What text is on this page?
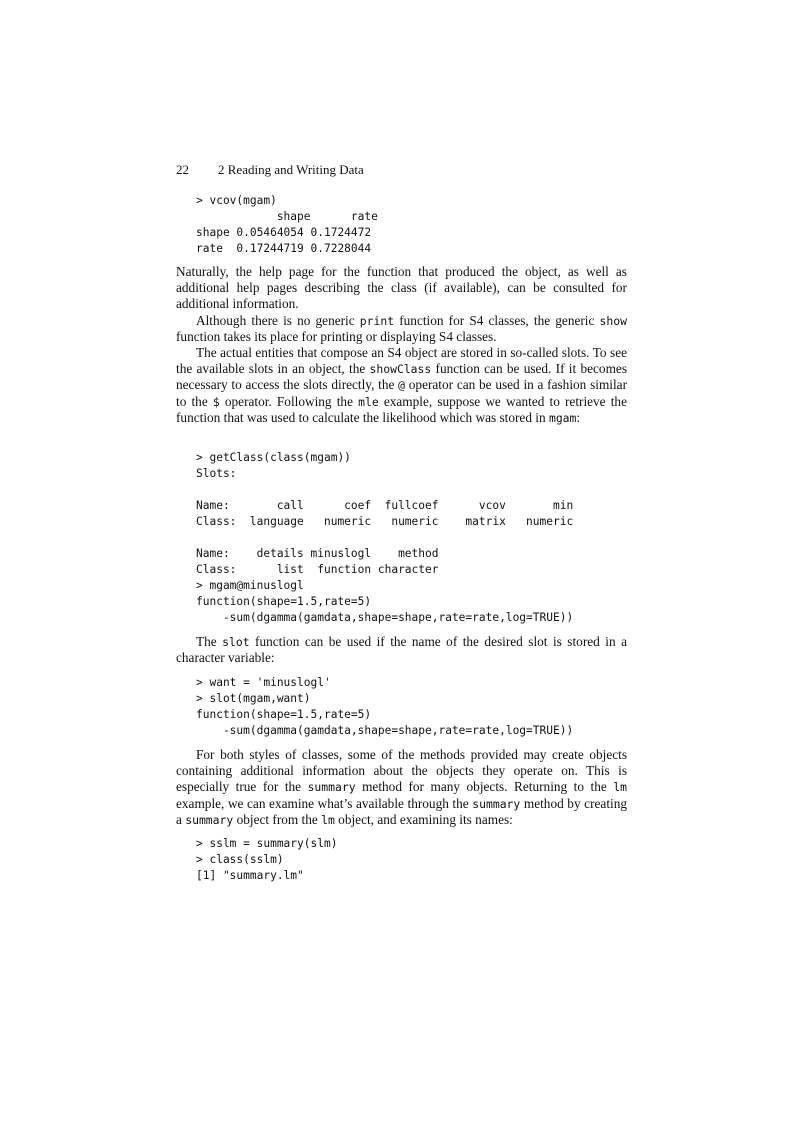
22 2 Reading and Writing Data
> vcov(mgam)
shape      rate
shape 0.05464054 0.1724472
rate  0.17244719 0.7228044

Naturally, the help page for the function that produced the object, as well as additional help pages describing the class (if available), can be consulted for additional information.

Although there is no generic print function for S4 classes, the generic show function takes its place for printing or displaying S4 classes.

The actual entities that compose an S4 object are stored in so-called slots. To see the available slots in an object, the showClass function can be used. If it becomes necessary to access the slots directly, the @ operator can be used in a fashion similar to the $ operator. Following the mle example, suppose we wanted to retrieve the function that was used to calculate the likelihood which was stored in mgam:

> getClass(class(mgam))
Slots:

Name:       call      coef  fullcoef      vcov       min
Class:  language   numeric   numeric    matrix   numeric

Name:    details minuslogl    method
Class:      list  function character
> mgam@minuslogl
function(shape=1.5,rate=5)
-sum(dgamma(gamdata,shape=shape,rate=rate,log=TRUE))

The slot function can be used if the name of the desired slot is stored in a character variable:

> want = 'minuslogl'
> slot(mgam,want)
function(shape=1.5,rate=5)
-sum(dgamma(gamdata,shape=shape,rate=rate,log=TRUE))

For both styles of classes, some of the methods provided may create objects containing additional information about the objects they operate on. This is especially true for the summary method for many objects. Returning to the lm example, we can examine what’s available through the summary method by creating a summary object from the lm object, and examining its names:

> sslm = summary(slm)
> class(sslm)
[1] "summary.lm"
